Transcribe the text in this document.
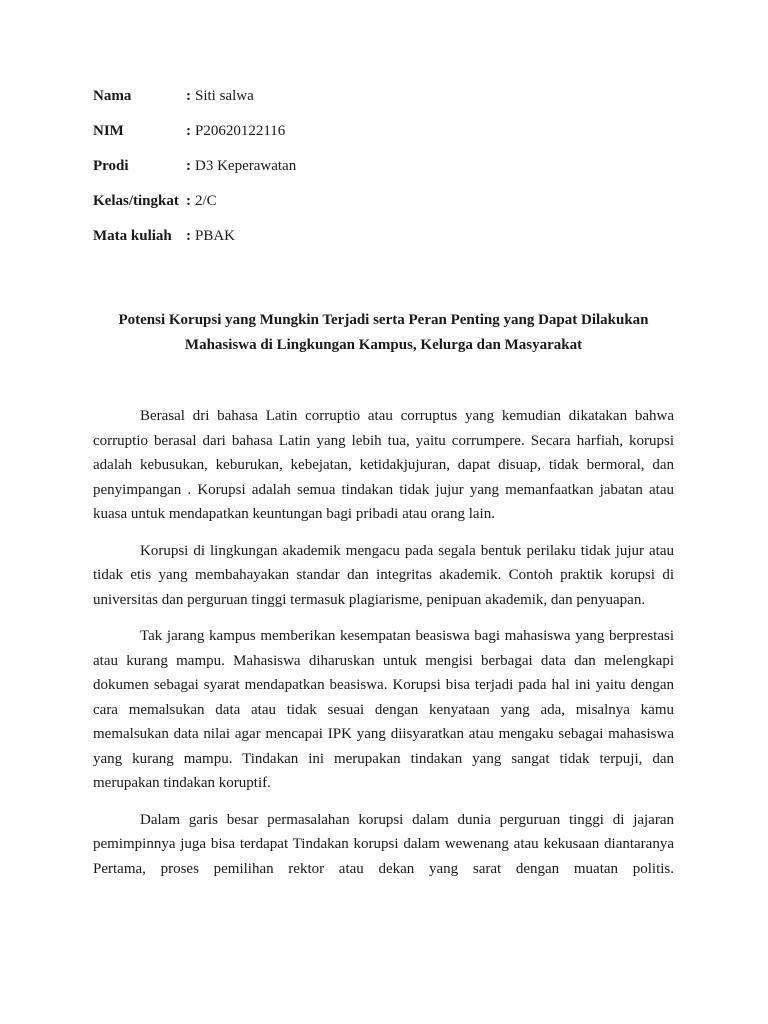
Nama	: Siti salwa
NIM	: P20620122116
Prodi	: D3 Keperawatan
Kelas/tingkat : 2/C
Mata kuliah : PBAK
Potensi Korupsi yang Mungkin Terjadi serta Peran Penting yang Dapat Dilakukan
Mahasiswa di Lingkungan Kampus, Kelurga dan Masyarakat

Berasal dri bahasa Latin corruptio atau corruptus yang kemudian dikatakan bahwa corruptio berasal dari bahasa Latin yang lebih tua, yaitu corrumpere. Secara harfiah, korupsi adalah kebusukan, keburukan, kebejatan, ketidakjujuran, dapat disuap, tidak bermoral, dan penyimpangan . Korupsi adalah semua tindakan tidak jujur yang memanfaatkan jabatan atau kuasa untuk mendapatkan keuntungan bagi pribadi atau orang lain.

Korupsi di lingkungan akademik mengacu pada segala bentuk perilaku tidak jujur atau tidak etis yang membahayakan standar dan integritas akademik. Contoh praktik korupsi di universitas dan perguruan tinggi termasuk plagiarisme, penipuan akademik, dan penyuapan.

Tak jarang kampus memberikan kesempatan beasiswa bagi mahasiswa yang berprestasi atau kurang mampu. Mahasiswa diharuskan untuk mengisi berbagai data dan melengkapi dokumen sebagai syarat mendapatkan beasiswa. Korupsi bisa terjadi pada hal ini yaitu dengan cara memalsukan data atau tidak sesuai dengan kenyataan yang ada, misalnya kamu memalsukan data nilai agar mencapai IPK yang diisyaratkan atau mengaku sebagai mahasiswa yang kurang mampu. Tindakan ini merupakan tindakan yang sangat tidak terpuji, dan merupakan tindakan koruptif.

Dalam garis besar permasalahan korupsi dalam dunia perguruan tinggi di jajaran pemimpinnya juga bisa terdapat Tindakan korupsi dalam wewenang atau kekusaan diantaranya Pertama, proses pemilihan rektor atau dekan yang sarat dengan muatan politis.
